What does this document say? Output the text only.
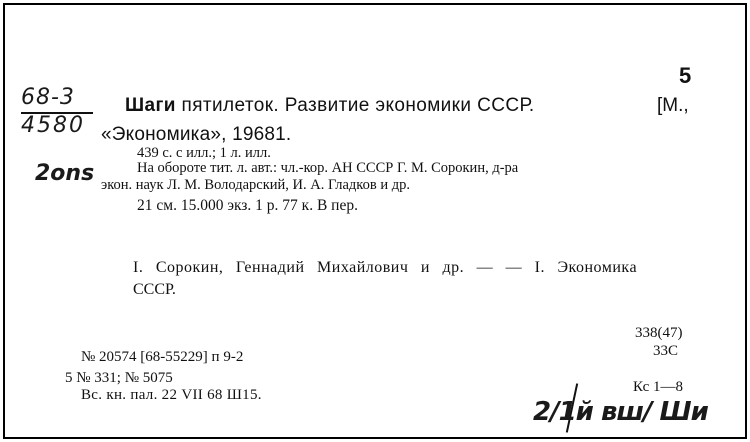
5
68-3
4580
2ons
Шаги пятилеток. Развитие экономики СССР.	[М.,
«Экономика», 19681.
439 с. с илл.; 1 л. илл.
На обороте тит. л. авт.: чл.-кор. АН СССР Г. М. Сорокин, д-ра
экон. наук Л. М. Володарский, И. А. Гладков и др.
21 см. 15.000 экз. 1 р. 77 к. В пер.
I. Сорокин, Геннадий Михайлович и др. — — I. Экономика
СССР.
338(47)
33С
Кс 1—8
№ 20574 [68-55229] п 9-2
5 № 331; № 5075
Вс. кн. пал. 22 VII 68 Ш15.
2/1й вш/ Ши
